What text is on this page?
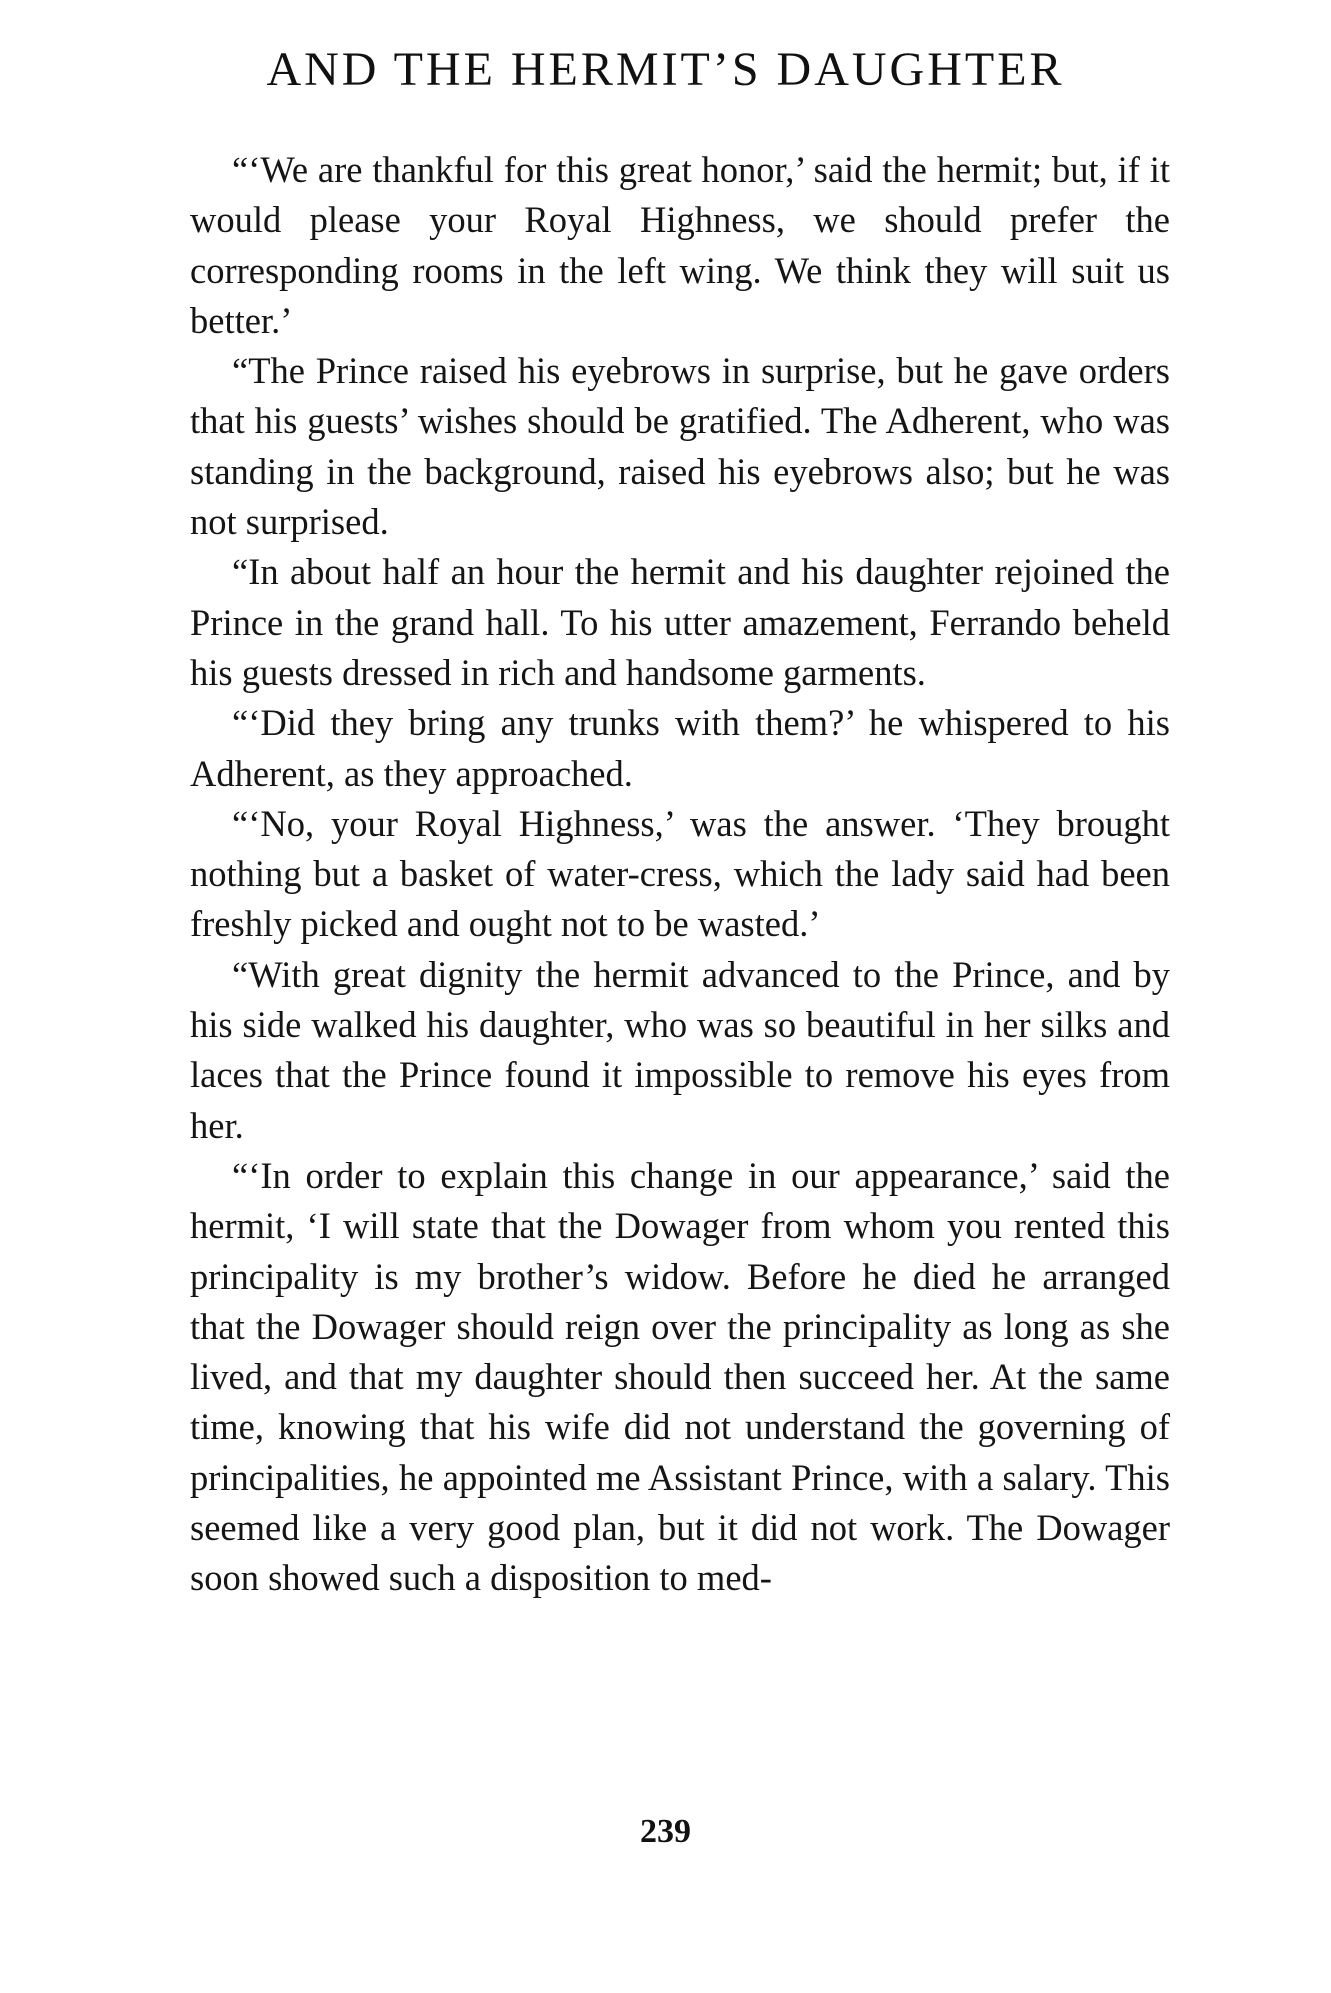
AND THE HERMIT’S DAUGHTER

“‘We are thankful for this great honor,’ said the hermit; but, if it would please your Royal Highness, we should prefer the corresponding rooms in the left wing. We think they will suit us better.’

“The Prince raised his eyebrows in surprise, but he gave orders that his guests’ wishes should be gratified. The Adherent, who was standing in the background, raised his eyebrows also; but he was not surprised.

“In about half an hour the hermit and his daughter rejoined the Prince in the grand hall. To his utter amazement, Ferrando beheld his guests dressed in rich and handsome garments.

“‘Did they bring any trunks with them?’ he whispered to his Adherent, as they approached.

“‘No, your Royal Highness,’ was the answer. ‘They brought nothing but a basket of water-cress, which the lady said had been freshly picked and ought not to be wasted.’

“With great dignity the hermit advanced to the Prince, and by his side walked his daughter, who was so beautiful in her silks and laces that the Prince found it impossible to remove his eyes from her.

“‘In order to explain this change in our appearance,’ said the hermit, ‘I will state that the Dowager from whom you rented this principality is my brother’s widow. Before he died he arranged that the Dowager should reign over the principality as long as she lived, and that my daughter should then succeed her. At the same time, knowing that his wife did not understand the governing of principalities, he appointed me Assistant Prince, with a salary. This seemed like a very good plan, but it did not work. The Dowager soon showed such a disposition to med-

239
